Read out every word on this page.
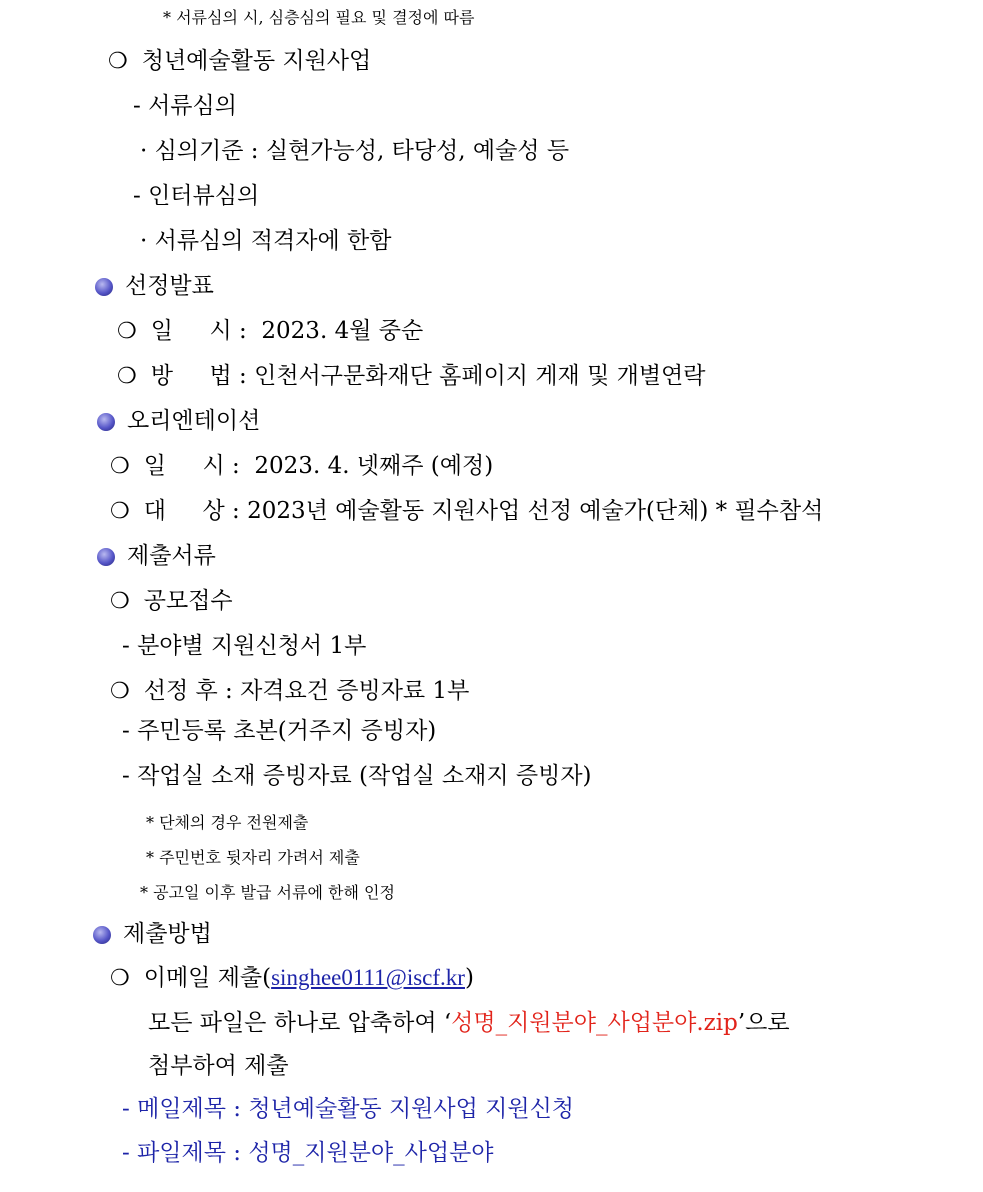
* 서류심의 시, 심층심의 필요 및 결정에 따름
❍ 청년예술활동 지원사업
- 서류심의
· 심의기준 : 실현가능성, 타당성, 예술성 등
- 인터뷰심의
· 서류심의 적격자에 한함
선정발표
❍ 일     시 :  2023. 4월 중순
❍ 방     법 : 인천서구문화재단 홈페이지 게재 및 개별연락
오리엔테이션
❍ 일     시 :  2023. 4. 넷째주 (예정)
❍ 대     상 : 2023년 예술활동 지원사업 선정 예술가(단체) * 필수참석
제출서류
❍ 공모접수
- 분야별 지원신청서 1부
❍ 선정 후 : 자격요건 증빙자료 1부
- 주민등록 초본(거주지 증빙자)
- 작업실 소재 증빙자료 (작업실 소재지 증빙자)
* 단체의 경우 전원제출
* 주민번호 뒷자리 가려서 제출
* 공고일 이후 발급 서류에 한해 인정
제출방법
❍ 이메일 제출(singhee0111@iscf.kr)
모든 파일은 하나로 압축하여 ‘성명_지원분야_사업분야.zip’으로
첨부하여 제출
- 메일제목 : 청년예술활동 지원사업 지원신청
- 파일제목 : 성명_지원분야_사업분야
